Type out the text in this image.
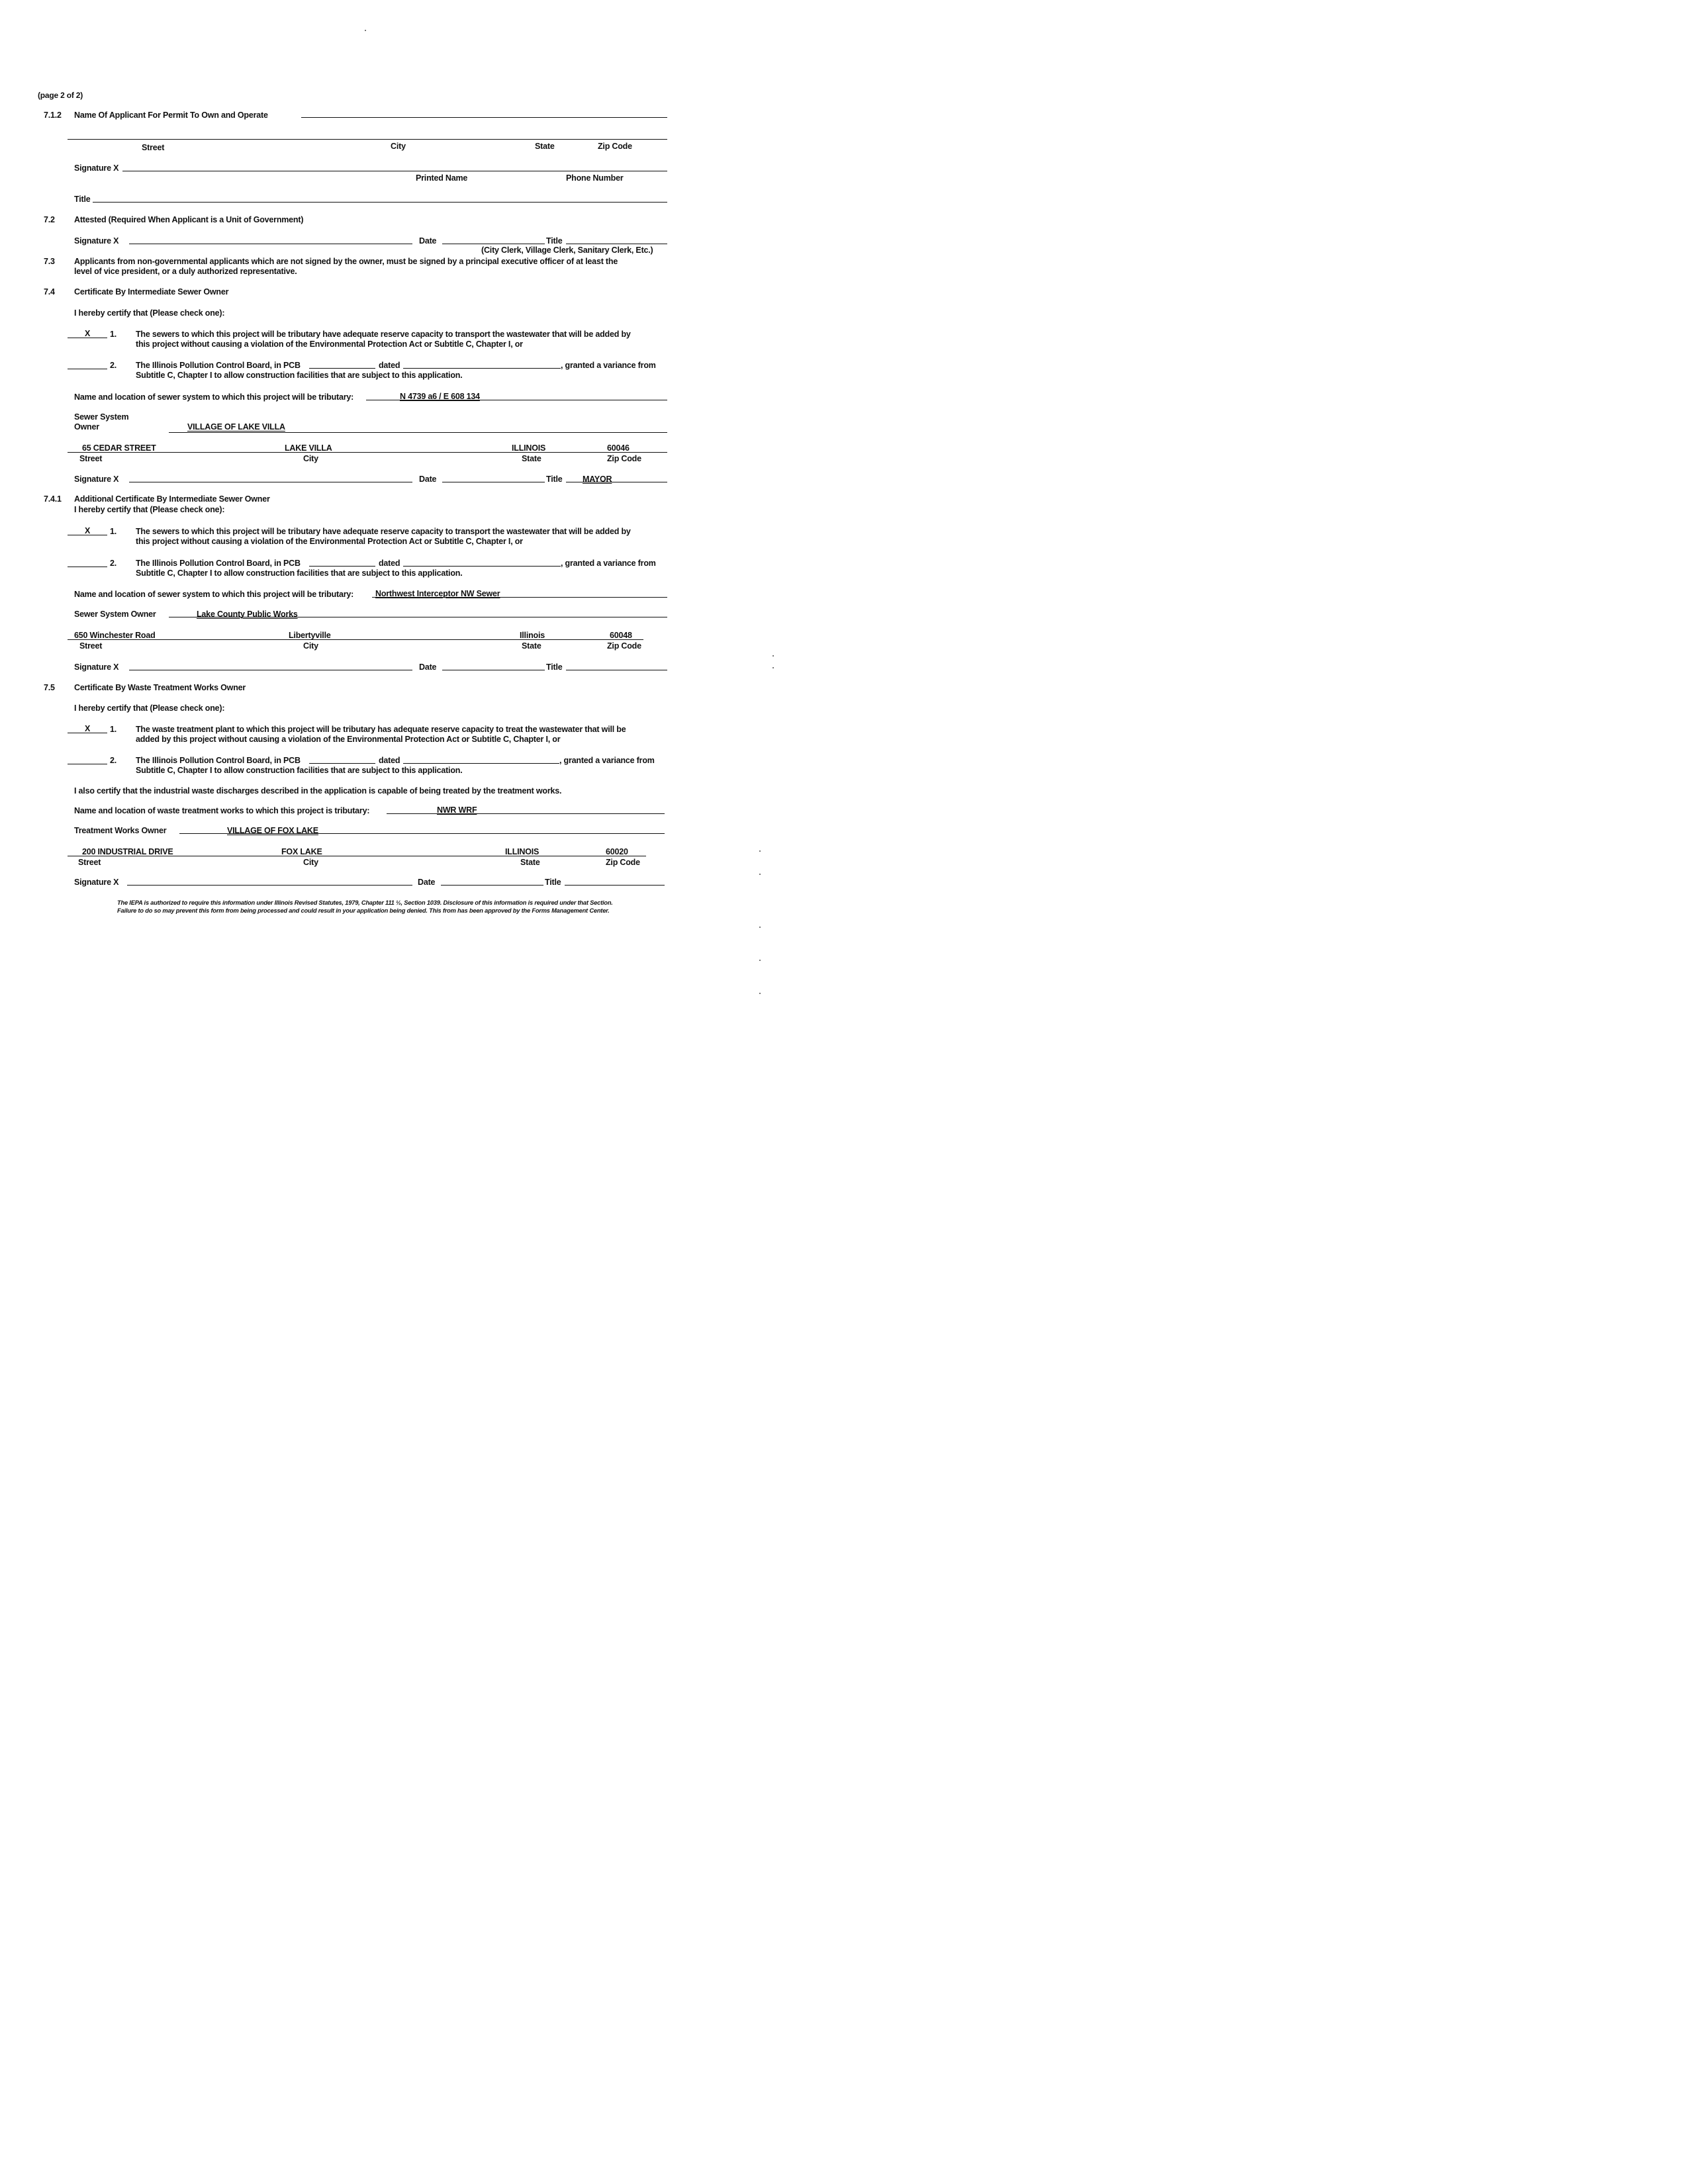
(page 2 of 2)
7.1.2 Name Of Applicant For Permit To Own and Operate
Street	City	State	Zip Code
Signature X
Printed Name	Phone Number
Title
7.2 Attested (Required When Applicant is a Unit of Government)
Signature X	Date	Title
(City Clerk, Village Clerk, Sanitary Clerk, Etc.)
7.3 Applicants from non-governmental applicants which are not signed by the owner, must be signed by a principal executive officer of at least the
level of vice president, or a duly authorized representative.
7.4 Certificate By Intermediate Sewer Owner
I hereby certify that (Please check one):
X 1. The sewers to which this project will be tributary have adequate reserve capacity to transport the wastewater that will be added by
this project without causing a violation of the Environmental Protection Act or Subtitle C, Chapter I, or
2. The Illinois Pollution Control Board, in PCB	dated	, granted a variance from
Subtitle C, Chapter I to allow construction facilities that are subject to this application.
Name and location of sewer system to which this project will be tributary:	N 4739 a6 / E 608 134
Sewer System
Owner	VILLAGE OF LAKE VILLA
65 CEDAR STREET	LAKE VILLA	ILLINOIS	60046
Street	City	State	Zip Code
Signature X	Date	Title MAYOR
7.4.1 Additional Certificate By Intermediate Sewer Owner
I hereby certify that (Please check one):
X 1. The sewers to which this project will be tributary have adequate reserve capacity to transport the wastewater that will be added by
this project without causing a violation of the Environmental Protection Act or Subtitle C, Chapter I, or
2. The Illinois Pollution Control Board, in PCB	dated	, granted a variance from
Subtitle C, Chapter I to allow construction facilities that are subject to this application.
Name and location of sewer system to which this project will be tributary:	Northwest Interceptor NW Sewer
Sewer System Owner	Lake County Public Works
650 Winchester Road	Libertyville	Illinois	60048
Street	City	State	Zip Code
Signature X	Date	Title
7.5 Certificate By Waste Treatment Works Owner
I hereby certify that (Please check one):
X 1. The waste treatment plant to which this project will be tributary has adequate reserve capacity to treat the wastewater that will be
added by this project without causing a violation of the Environmental Protection Act or Subtitle C, Chapter I, or
2. The Illinois Pollution Control Board, in PCB	dated	, granted a variance from
Subtitle C, Chapter I to allow construction facilities that are subject to this application.
I also certify that the industrial waste discharges described in the application is capable of being treated by the treatment works.
Name and location of waste treatment works to which this project is tributary:	NWR WRF
Treatment Works Owner	VILLAGE OF FOX LAKE
200 INDUSTRIAL DRIVE	FOX LAKE	ILLINOIS	60020
Street	City	State	Zip Code
Signature X	Date	Title
The IEPA is authorized to require this information under Illinois Revised Statutes, 1979, Chapter 111 ½, Section 1039. Disclosure of this information is required under that Section.
Failure to do so may prevent this form from being processed and could result in your application being denied. This from has been approved by the Forms Management Center.
